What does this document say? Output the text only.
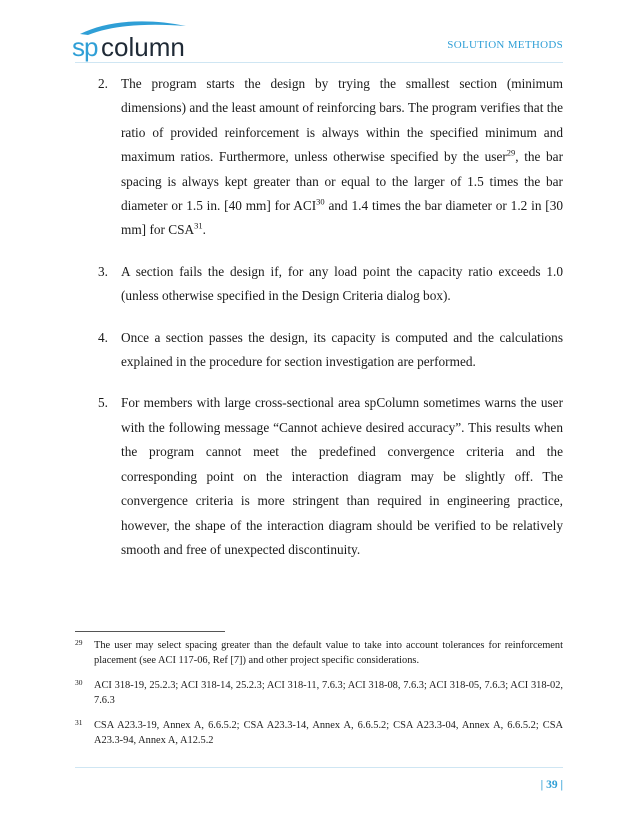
sp column	SOLUTION METHODS
2. The program starts the design by trying the smallest section (minimum dimensions) and the least amount of reinforcing bars. The program verifies that the ratio of provided reinforcement is always within the specified minimum and maximum ratios. Furthermore, unless otherwise specified by the user$^{29}$, the bar spacing is always kept greater than or equal to the larger of 1.5 times the bar diameter or 1.5 in. [40 mm] for ACI$^{30}$ and 1.4 times the bar diameter or 1.2 in [30 mm] for CSA$^{31}$.
3. A section fails the design if, for any load point the capacity ratio exceeds 1.0 (unless otherwise specified in the Design Criteria dialog box).
4. Once a section passes the design, its capacity is computed and the calculations explained in the procedure for section investigation are performed.
5. For members with large cross-sectional area spColumn sometimes warns the user with the following message “Cannot achieve desired accuracy”. This results when the program cannot meet the predefined convergence criteria and the corresponding point on the interaction diagram may be slightly off. The convergence criteria is more stringent than required in engineering practice, however, the shape of the interaction diagram should be verified to be relatively smooth and free of unexpected discontinuity.
29 The user may select spacing greater than the default value to take into account tolerances for reinforcement placement (see ACI 117-06, Ref [7]) and other project specific considerations.
30 ACI 318-19, 25.2.3; ACI 318-14, 25.2.3; ACI 318-11, 7.6.3; ACI 318-08, 7.6.3; ACI 318-05, 7.6.3; ACI 318-02, 7.6.3
31 CSA A23.3-19, Annex A, 6.6.5.2; CSA A23.3-14, Annex A, 6.6.5.2; CSA A23.3-04, Annex A, 6.6.5.2; CSA A23.3-94, Annex A, A12.5.2
| 39 |
